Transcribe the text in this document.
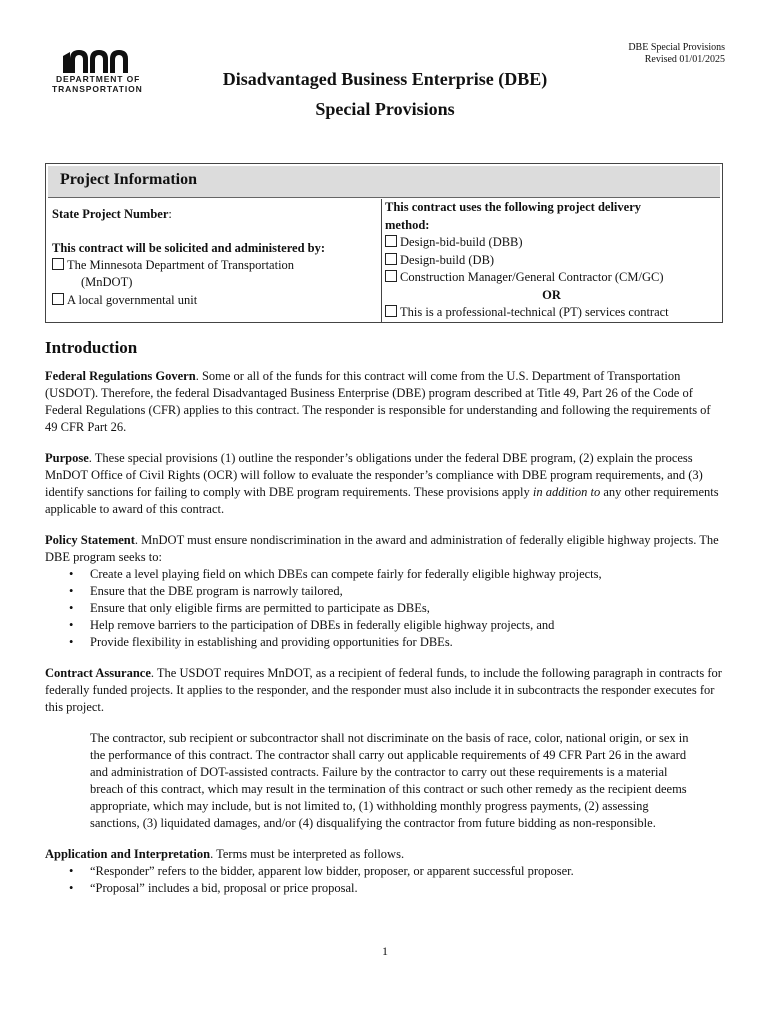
DEPARTMENT OF
TRANSPORTATION
DBE Special Provisions
Revised 01/01/2025
Disadvantaged Business Enterprise (DBE)
Special Provisions
Project Information
State Project Number:
This contract will be solicited and administered by:
The Minnesota Department of Transportation
(MnDOT)
A local governmental unit
This contract uses the following project delivery
method:
Design-bid-build (DBB)
Design-build (DB)
Construction Manager/General Contractor (CM/GC)
OR
This is a professional-technical (PT) services contract
Introduction

Federal Regulations Govern. Some or all of the funds for this contract will come from the U.S. Department of Transportation (USDOT). Therefore, the federal Disadvantaged Business Enterprise (DBE) program described at Title 49, Part 26 of the Code of Federal Regulations (CFR) applies to this contract. The responder is responsible for understanding and following the requirements of 49 CFR Part 26.

Purpose. These special provisions (1) outline the responder’s obligations under the federal DBE program, (2) explain the process MnDOT Office of Civil Rights (OCR) will follow to evaluate the responder’s compliance with DBE program requirements, and (3) identify sanctions for failing to comply with DBE program requirements. These provisions apply in addition to any other requirements applicable to award of this contract.

Policy Statement. MnDOT must ensure nondiscrimination in the award and administration of federally eligible highway projects. The DBE program seeks to:

• Create a level playing field on which DBEs can compete fairly for federally eligible highway projects,
• Ensure that the DBE program is narrowly tailored,
• Ensure that only eligible firms are permitted to participate as DBEs,
• Help remove barriers to the participation of DBEs in federally eligible highway projects, and
• Provide flexibility in establishing and providing opportunities for DBEs.

Contract Assurance. The USDOT requires MnDOT, as a recipient of federal funds, to include the following paragraph in contracts for federally funded projects. It applies to the responder, and the responder must also include it in subcontracts the responder executes for this project.

The contractor, sub recipient or subcontractor shall not discriminate on the basis of race, color, national origin, or sex in the performance of this contract. The contractor shall carry out applicable requirements of 49 CFR Part 26 in the award and administration of DOT-assisted contracts. Failure by the contractor to carry out these requirements is a material breach of this contract, which may result in the termination of this contract or such other remedy as the recipient deems appropriate, which may include, but is not limited to, (1) withholding monthly progress payments, (2) assessing sanctions, (3) liquidated damages, and/or (4) disqualifying the contractor from future bidding as non-responsible.

Application and Interpretation. Terms must be interpreted as follows.

• “Responder” refers to the bidder, apparent low bidder, proposer, or apparent successful proposer.
• “Proposal” includes a bid, proposal or price proposal.
1
